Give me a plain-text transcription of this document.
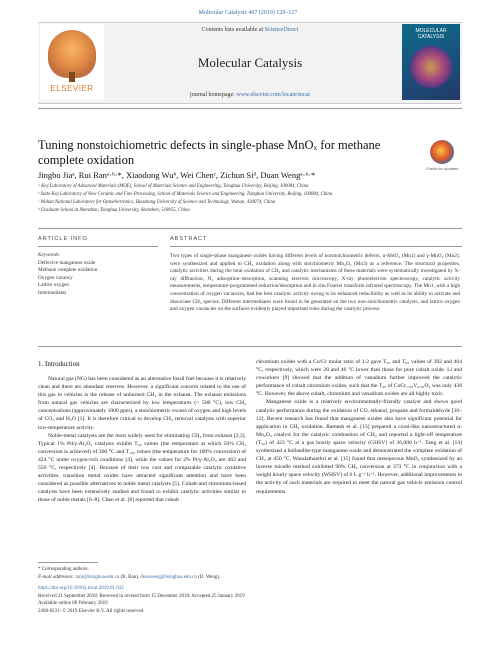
Molecular Catalysis 467 (2019) 120–127
ELSEVIER
Contents lists available at ScienceDirect
Molecular Catalysis
journal homepage: www.elsevier.com/locate/mcat
MOLECULAR CATALYSIS
Tuning nonstoichiometric defects in single-phase MnOₓ for methane complete oxidation
Check for updates
Jingbo Jiaᵃ, Rui Ranᵃ·ᵇ·*, Xiaodong Wuᵇ, Wei Chenᶜ, Zichun Siᵈ, Duan Wengᵃ·ᵇ·*
ᵃ Key Laboratory of Advanced Materials (MOE), School of Materials Science and Engineering, Tsinghua University, Beijing, 100084, China
ᵇ State Key Laboratory of New Ceramic and Fine Processing, School of Materials Science and Engineering, Tsinghua University, Beijing, 100084, China
ᶜ Wuhan National Laboratory for Optoelectronics, Huazhong University of Science and Technology, Wuhan, 430074, China
ᵈ Graduate School at Shenzhen, Tsinghua University, Shenzhen, 518055, China
ARTICLE INFO	ABSTRACT
Keywords:
Defective manganese oxide
Methane complete oxidation
Oxygen vacancy
Lattice oxygen
Intermediates
Two types of single-phase manganese oxides having different levels of nonstoichiometric defects, α-MnO₂ (Mn1) and γ-MnO₂ (Mn2), were synthesized and applied to CH₄ oxidation along with stoichiometric Mn₂O₃ (Mn3) as a reference. The structural properties, catalytic activities during the total oxidation of CH₄ and catalytic mechanisms of these materials were systematically investigated by X-ray diffraction, N₂ adsorption–desorption, scanning electron microscopy, X-ray photoelectron spectroscopy, catalytic activity measurements, temperature-programmed reduction/desorption and in situ Fourier transform infrared spectroscopy. The Mn1, with a high concentration of oxygen vacancies, had the best catalytic activity owing to its enhanced reducibility as well as its ability to activate and dissociate CH₄ species. Different intermediates were found to be generated on the two non-stoichiometric catalysts, and lattice oxygen and oxygen vacancies on the surfaces evidently played important roles during the catalytic process.
1. Introduction

Natural gas (NG) has been considered as an alternative fossil fuel because it is relatively clean and there are abundant reserves. However, a significant concern related to the use of this gas in vehicles is the release of unburned CH₄ in the exhaust. The exhaust emissions from natural gas vehicles are characterized by low temperatures (< 500 °C), low CH₄ concentrations (approximately 1000 ppm), a stoichiometric excess of oxygen and high levels of CO₂ and H₂O [1]. It is therefore critical to develop CH₄ removal catalysts with superior low-temperature activity.

Noble-metal catalysts are the most widely used for eliminating CH₄ from exhaust [2,3]. Typical 1% Pd/γ-Al₂O₃ catalysts exhibit T₅₀ values (the temperature at which 50% CH₄ conversion is achieved) of 360 °C and T₁₀₀ values (the temperature for 100% conversion) of 424 °C under oxygen-rich conditions [4], while the values for 2% Pt/γ-Al₂O₃ are 462 and 556 °C, respectively [4]. Because of their low cost and comparable catalytic oxidative activities, transition metal oxides have attracted significant attention and have been considered as possible alternatives to noble metal catalysts [5]. Cobalt-and chromium-based catalysts have been extensively studied and found to exhibit catalytic activities similar to those of noble metals [6–8]. Chen et al. [8] reported that cobalt

chromium oxides with a Co/Cr molar ratio of 1:2 gave T₅₀ and T₉₀ values of 392 and 464 °C, respectively, which were 28 and 46 °C lower than those for pure cobalt oxide. Li and coworkers [9] showed that the addition of vanadium further improved the catalytic performance of cobalt chromium oxides, such that the T₉₀ of CoCr₁.₉₅V₀.₀₅O₄ was only 438 °C. However, the above cobalt, chromium and vanadium oxides are all highly toxic.

Manganese oxide is a relatively environmentally-friendly catalyst and shows good catalytic performance during the oxidation of CO, ethanol, propane and formaldehyde [10–12]. Recent research has found that manganese oxides also have significant potential for application to CH₄ oxidation. Ramesh et al. [13] prepared a coral-like nanostructured α-Mn₂O₃ catalyst for the catalytic combustion of CH₄ and reported a light-off temperature (T₅₀) of 423 °C at a gas hourly space velocity (GHSV) of 36,000 h⁻¹. Tang et al. [14] synthesized a hollandite-type manganese oxide and demonstrated the complete oxidation of CH₄ at 450 °C. Wasalathanthri et al. [15] found that mesoporous MnO₂ synthesized by an inverse micelle method exhibited 90% CH₄ conversion at 373 °C in conjunction with a weight hourly space velocity (WHSV) of 6 L g⁻¹ h⁻¹. However, additional improvements in the activity of such materials are required to meet the natural gas vehicle emission control requirements.

* Corresponding authors.
E-mail addresses: ranr@tsinghua.edu.cn (R. Ran), duanweng@tsinghua.edu.cn (D. Weng).
https://doi.org/10.1016/j.mcat.2019.01.032
Received 21 September 2018; Received in revised form 15 December 2018; Accepted 25 January 2019
Available online 08 February 2019
2468-8231/ © 2019 Elsevier B.V. All rights reserved.
